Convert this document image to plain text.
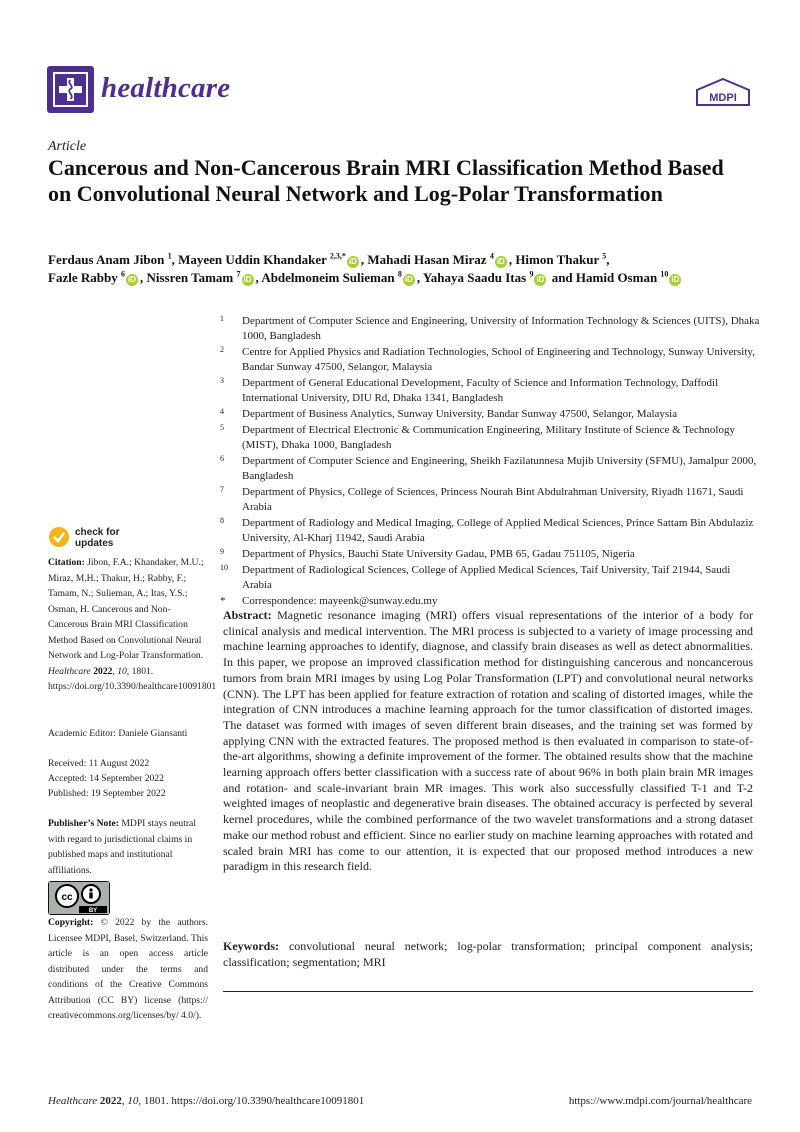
healthcare	MDPI
Article
Cancerous and Non-Cancerous Brain MRI Classification Method Based on Convolutional Neural Network and Log-Polar Transformation
Ferdaus Anam Jibon $^1$, Mayeen Uddin Khandaker $^{2,3,*}$iD , Mahadi Hasan Miraz $^4$iD , Himon Thakur $^5$,
Fazle Rabby $^6$iD , Nissren Tamam $^7$iD , Abdelmoneim Sulieman $^8$iD , Yahaya Saadu Itas $^9$iD and Hamid Osman $^{10}$iD
1 Department of Computer Science and Engineering, University of Information Technology & Sciences (UITS), Dhaka 1000, Bangladesh
2 Centre for Applied Physics and Radiation Technologies, School of Engineering and Technology, Sunway University, Bandar Sunway 47500, Selangor, Malaysia
3 Department of General Educational Development, Faculty of Science and Information Technology, Daffodil International University, DIU Rd, Dhaka 1341, Bangladesh
4 Department of Business Analytics, Sunway University, Bandar Sunway 47500, Selangor, Malaysia
5 Department of Electrical Electronic & Communication Engineering, Military Institute of Science & Technology (MIST), Dhaka 1000, Bangladesh
6 Department of Computer Science and Engineering, Sheikh Fazilatunnesa Mujib University (SFMU), Jamalpur 2000, Bangladesh
7 Department of Physics, College of Sciences, Princess Nourah Bint Abdulrahman University, Riyadh 11671, Saudi Arabia
8 Department of Radiology and Medical Imaging, College of Applied Medical Sciences, Prince Sattam Bin Abdulaziz University, Al-Kharj 11942, Saudi Arabia
9 Department of Physics, Bauchi State University Gadau, PMB 65, Gadau 751105, Nigeria
10 Department of Radiological Sciences, College of Applied Medical Sciences, Taif University, Taif 21944, Saudi Arabia
* Correspondence: mayeenk@sunway.edu.my
check for updates
Citation: Jibon, F.A.; Khandaker, M.U.; Miraz, M.H.; Thakur, H.; Rabby, F.; Tamam, N.; Sulieman, A.; Itas, Y.S.; Osman, H. Cancerous and Non-Cancerous Brain MRI Classification Method Based on Convolutional Neural Network and Log-Polar Transformation. Healthcare 2022, 10, 1801. https://doi.org/10.3390/healthcare10091801
Academic Editor: Daniele Giansanti
Received: 11 August 2022
Accepted: 14 September 2022
Published: 19 September 2022
Publisher’s Note: MDPI stays neutral with regard to jurisdictional claims in published maps and institutional affiliations.
cc
BY
Copyright: © 2022 by the authors. Licensee MDPI, Basel, Switzerland. This article is an open access article distributed under the terms and conditions of the Creative Commons Attribution (CC BY) license (https:// creativecommons.org/licenses/by/ 4.0/).

Abstract: Magnetic resonance imaging (MRI) offers visual representations of the interior of a body for clinical analysis and medical intervention. The MRI process is subjected to a variety of image processing and machine learning approaches to identify, diagnose, and classify brain diseases as well as detect abnormalities. In this paper, we propose an improved classification method for distinguishing cancerous and noncancerous tumors from brain MRI images by using Log Polar Transformation (LPT) and convolutional neural networks (CNN). The LPT has been applied for feature extraction of rotation and scaling of distorted images, while the integration of CNN introduces a machine learning approach for the tumor classification of distorted images. The dataset was formed with images of seven different brain diseases, and the training set was formed by applying CNN with the extracted features. The proposed method is then evaluated in comparison to state-of-the-art algorithms, showing a definite improvement of the former. The obtained results show that the machine learning approach offers better classification with a success rate of about 96% in both plain brain MR images and rotation- and scale-invariant brain MR images. This work also successfully classified T-1 and T-2 weighted images of neoplastic and degenerative brain diseases. The obtained accuracy is perfected by several kernel procedures, while the combined performance of the two wavelet transformations and a strong dataset make our method robust and efficient. Since no earlier study on machine learning approaches with rotated and scaled brain MRI has come to our attention, it is expected that our proposed method introduces a new paradigm in this research field.

Keywords: convolutional neural network; log-polar transformation; principal component analysis; classification; segmentation; MRI

Healthcare 2022, 10, 1801. https://doi.org/10.3390/healthcare10091801	https://www.mdpi.com/journal/healthcare
